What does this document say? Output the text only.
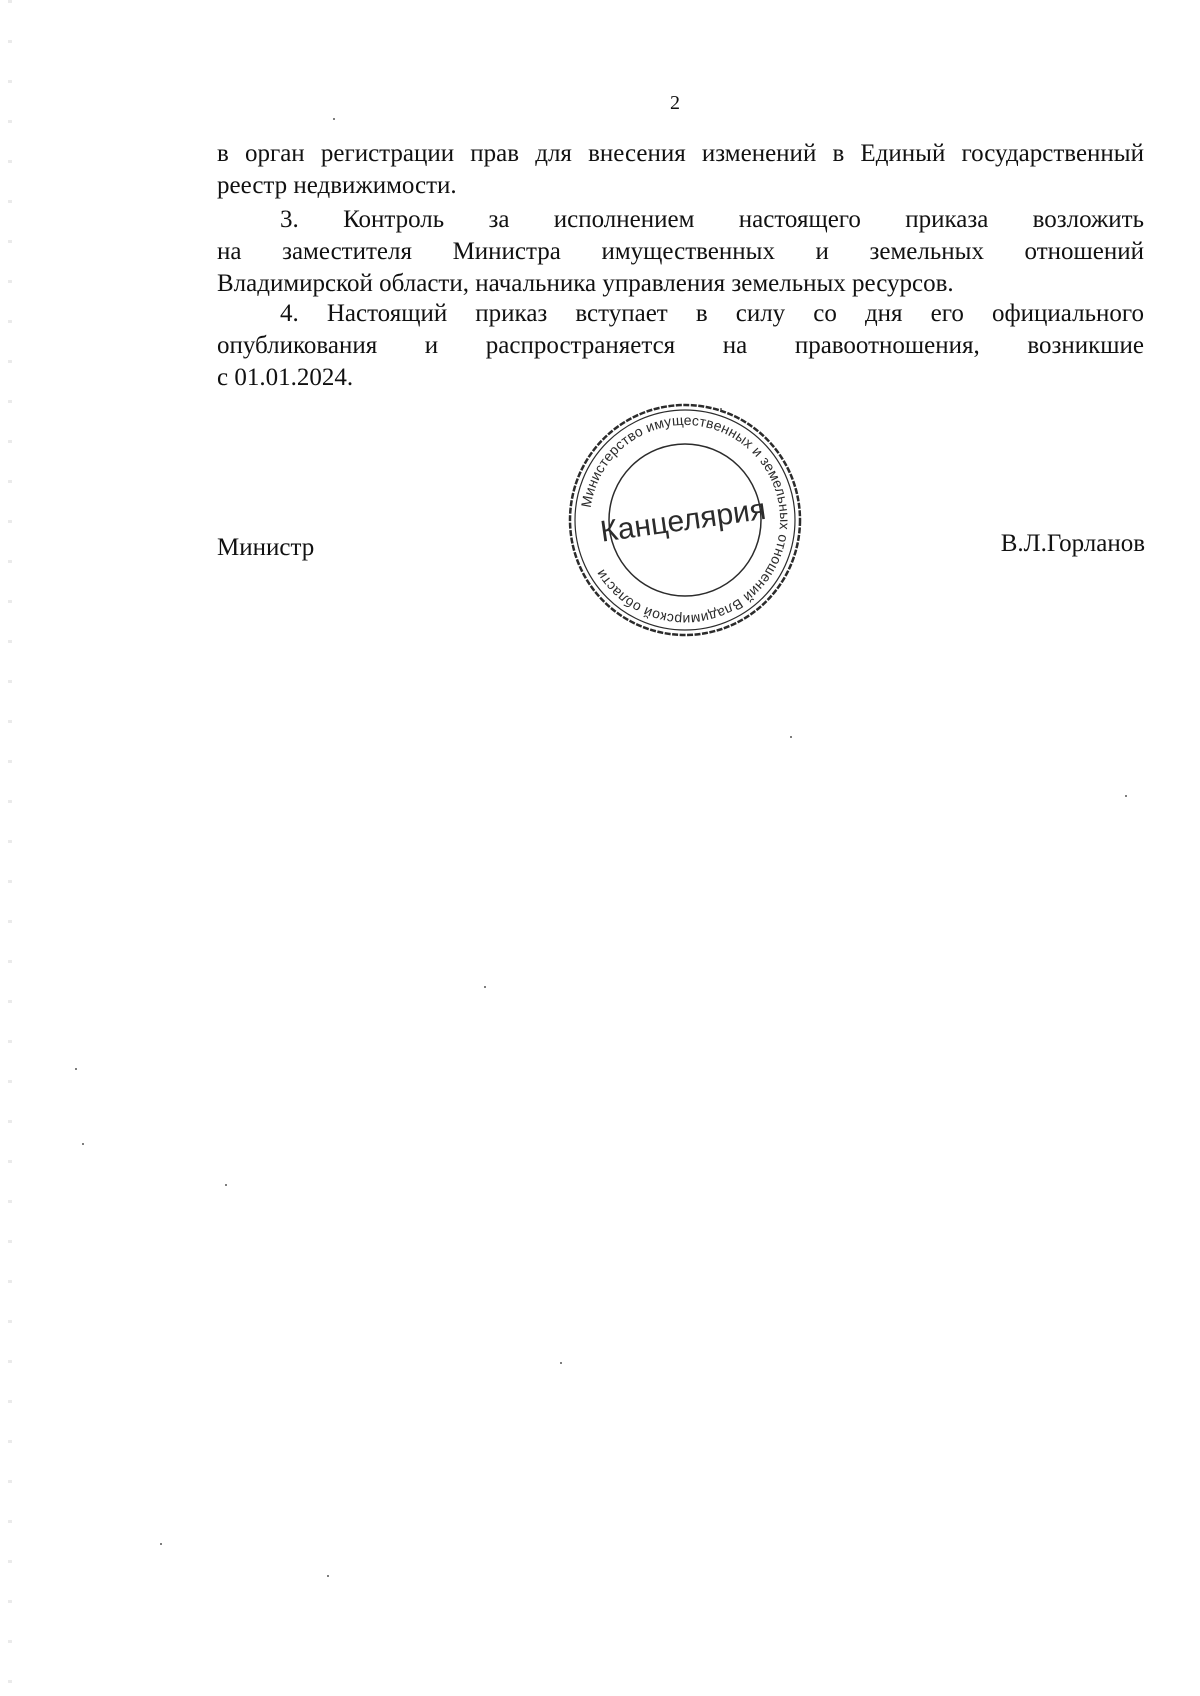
2
в орган регистрации прав для внесения изменений в Единый государственный
реестр недвижимости.
3. Контроль за исполнением настоящего приказа возложить
на заместителя Министра имущественных и земельных отношений
Владимирской области, начальника управления земельных ресурсов.
4. Настоящий приказ вступает в силу со дня его официального
опубликования и распространяется на правоотношения, возникшие
с 01.01.2024.
Министр	В.Л.Горланов
Министерство имущественных и земельных отношений Владимирской области
Канцелярия
